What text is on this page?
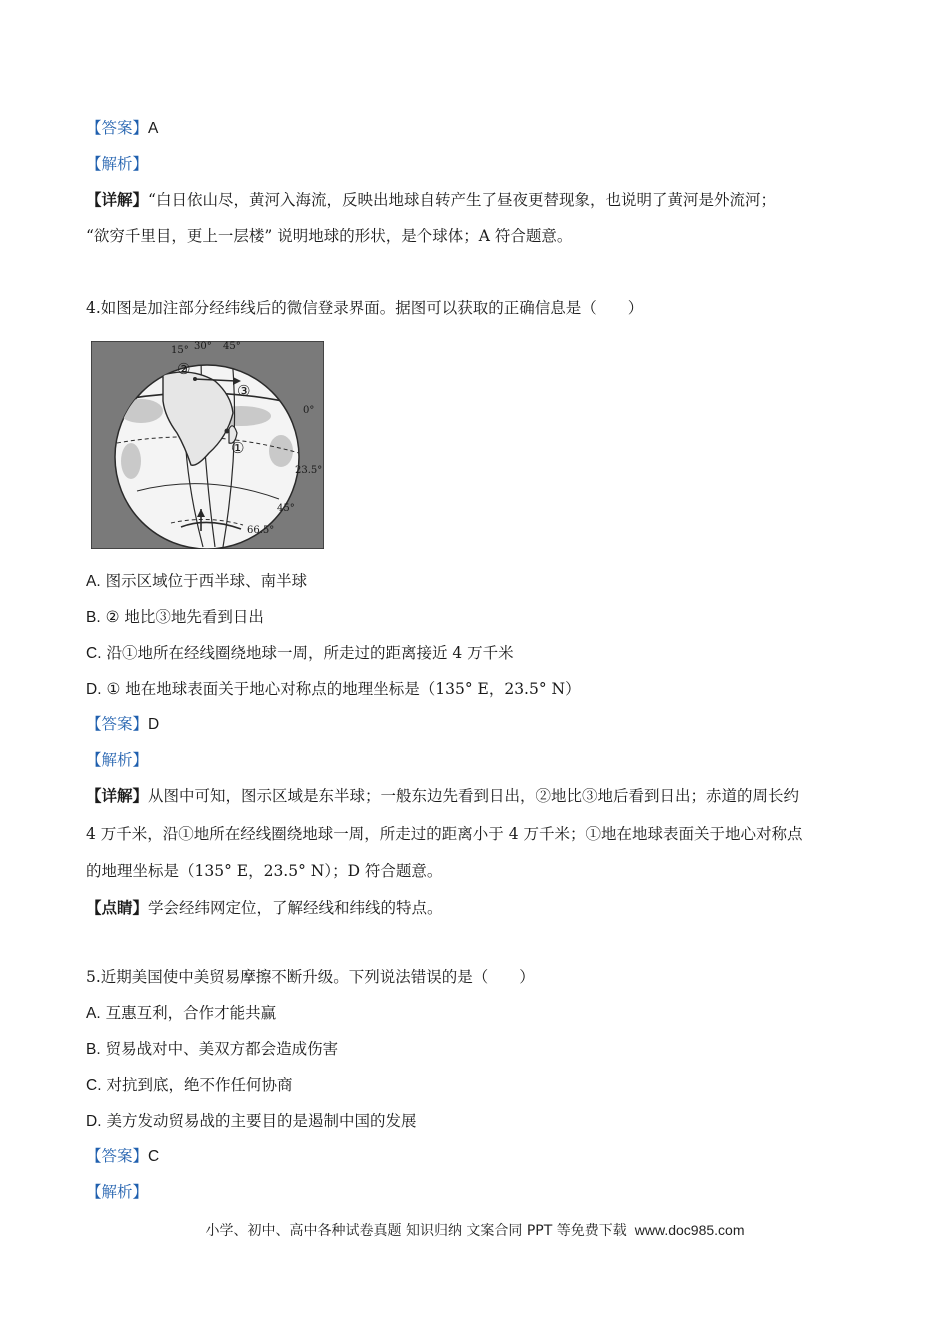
【答案】A

【解析】

【详解】“白日依山尽，黄河入海流，反映出地球自转产生了昼夜更替现象，也说明了黄河是外流河；

“欲穷千里目，更上一层楼” 说明地球的形状，是个球体；A 符合题意。

4.如图是加注部分经纬线后的微信登录界面。据图可以获取的正确信息是（　　）

15° 30° 45°
0°
23.5°
45°
66.5°
①
②
③

A. 图示区域位于西半球、南半球

B. ② 地比③地先看到日出

C. 沿①地所在经线圈绕地球一周，所走过的距离接近 4 万千米

D. ① 地在地球表面关于地心对称点的地理坐标是（135° E，23.5° N）

【答案】D

【解析】

【详解】从图中可知，图示区域是东半球；一般东边先看到日出，②地比③地后看到日出；赤道的周长约

4 万千米，沿①地所在经线圈绕地球一周，所走过的距离小于 4 万千米；①地在地球表面关于地心对称点

的地理坐标是（135° E，23.5° N）；D 符合题意。

【点睛】学会经纬网定位，了解经线和纬线的特点。

5.近期美国使中美贸易摩擦不断升级。下列说法错误的是（　　）

A. 互惠互利，合作才能共赢

B. 贸易战对中、美双方都会造成伤害

C. 对抗到底，绝不作任何协商

D. 美方发动贸易战的主要目的是遏制中国的发展

【答案】C

【解析】

小学、初中、高中各种试卷真题 知识归纳 文案合同 PPT 等免费下载 www.doc985.com
